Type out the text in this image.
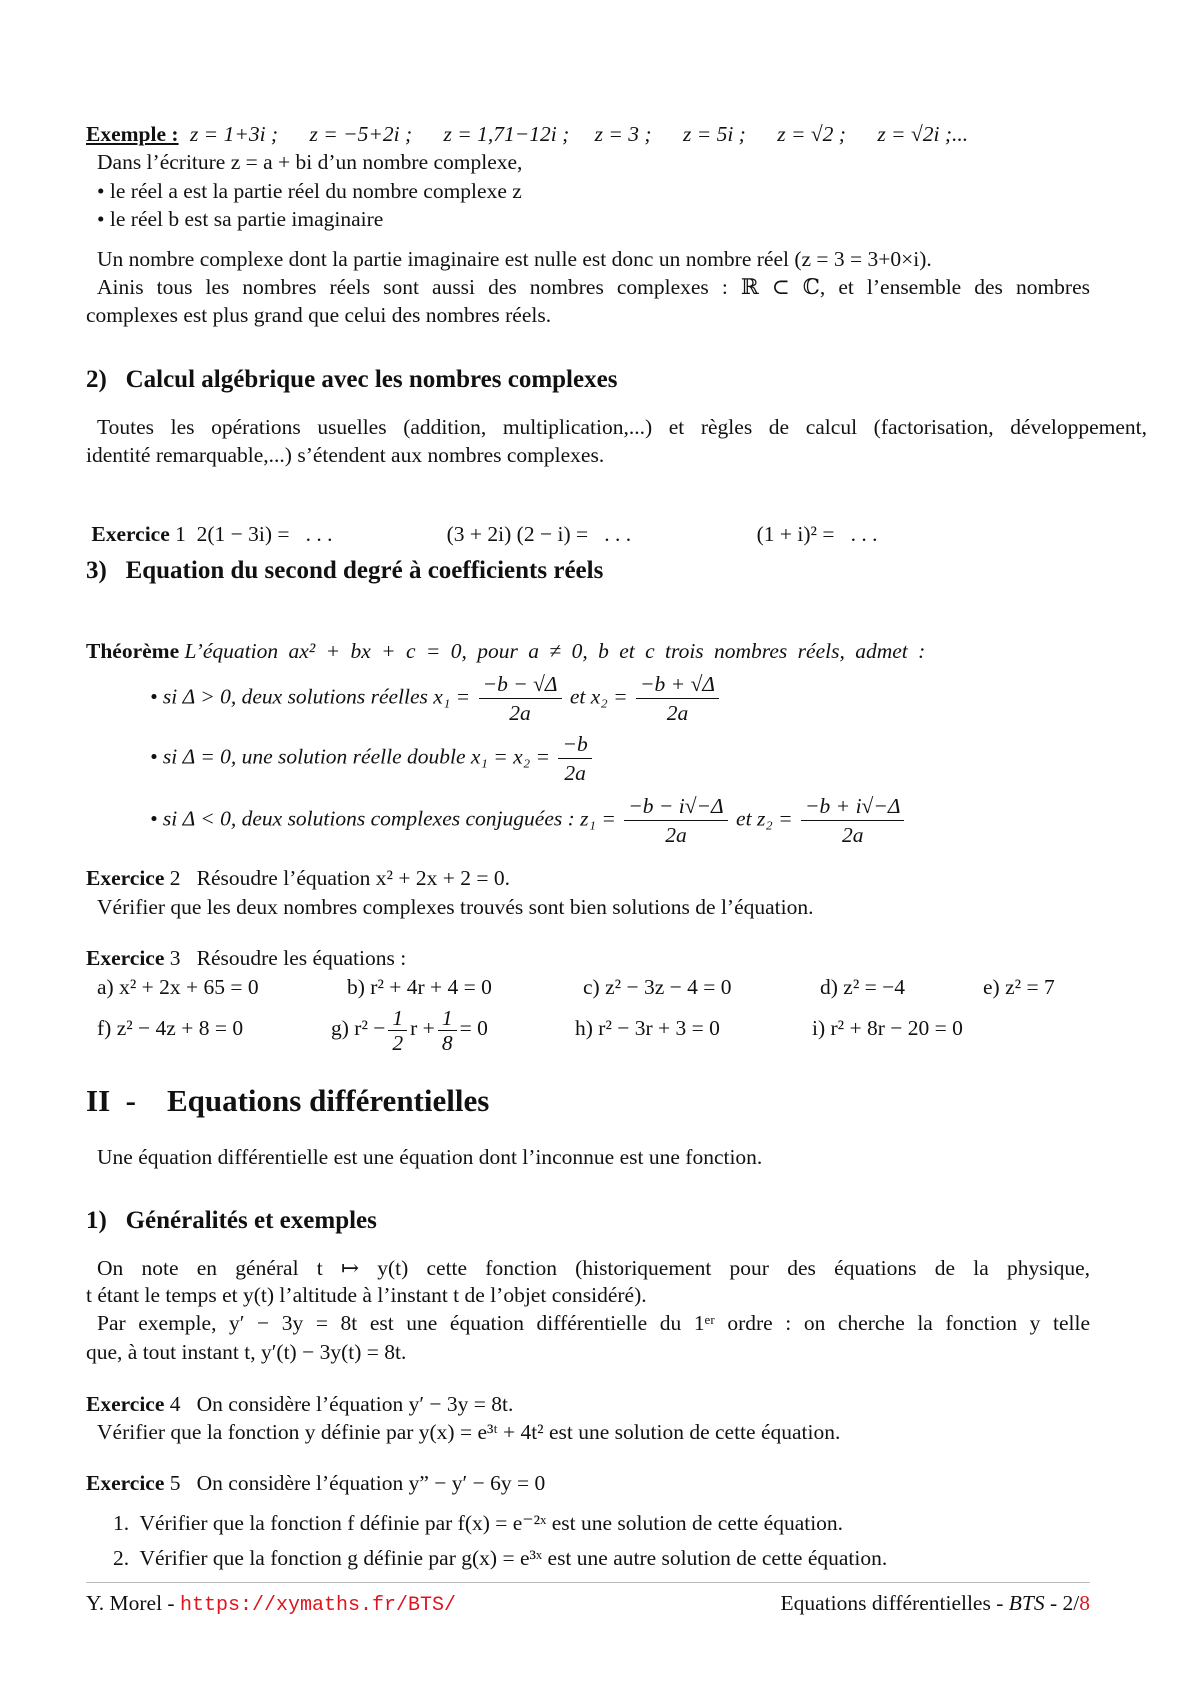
Exemple : z = 1+3i ; z = −5+2i ; z = 1,71−12i ; z = 3 ; z = 5i ; z = √2 ; z = √2i ;...
Dans l’écriture z = a + bi d’un nombre complexe,
• le réel a est la partie réel du nombre complexe z
• le réel b est sa partie imaginaire
Un nombre complexe dont la partie imaginaire est nulle est donc un nombre réel (z = 3 = 3+0×i).
Ainis tous les nombres réels sont aussi des nombres complexes : ℝ ⊂ ℂ, et l’ensemble des nombres
complexes est plus grand que celui des nombres réels.
2)   Calcul algébrique avec les nombres complexes
Toutes les opérations usuelles (addition, multiplication,...) et règles de calcul (factorisation, développement,
identité remarquable,...) s’étendent aux nombres complexes.

Exercice 1 2(1 − 3i) =   . . .	(3 + 2i) (2 − i) =   . . .	(1 + i)² =   . . .

3)   Equation du second degré à coefficients réels
Théorème L’équation ax² + bx + c = 0, pour a ≠ 0, b et c trois nombres réels, admet :
• si Δ > 0, deux solutions réelles $x_1 = \frac{-b - √\Delta}{2a}$ et $x_2 = \frac{-b + √\Delta}{2a}$
• si Δ = 0, une solution réelle double $x_1 = x_2 = \frac{-b}{2a}$
• si Δ < 0, deux solutions complexes conjuguées : $z_1 = \frac{-b - i√-\Delta}{2a}$ et $z_2 = \frac{-b + i√-\Delta}{2a}$
Exercice 2 Résoudre l’équation x² + 2x + 2 = 0.
Vérifier que les deux nombres complexes trouvés sont bien solutions de l’équation.
Exercice 3 Résoudre les équations :
a) x² + 2x + 65 = 0	b) r² + 4r + 4 = 0	c) z² − 3z − 4 = 0	d) z² = −4	e) z² = 7
f) z² − 4z + 8 = 0	g) $r^2 - \frac{1}{2}$ $r + \frac{1}{8} = 0$	h) r² − 3r + 3 = 0	i) r² + 8r − 20 = 0
II  -    Equations différentielles
Une équation différentielle est une équation dont l’inconnue est une fonction.
1)   Généralités et exemples
On note en général t ↦ y(t) cette fonction (historiquement pour des équations de la physique,
t étant le temps et y(t) l’altitude à l’instant t de l’objet considéré).
Par exemple, y′ − 3y = 8t est une équation différentielle du 1ᵉʳ ordre : on cherche la fonction y telle
que, à tout instant t, y′(t) − 3y(t) = 8t.
Exercice 4 On considère l’équation y′ − 3y = 8t.
Vérifier que la fonction y définie par y(x) = e³ᵗ + 4t² est une solution de cette équation.
Exercice 5 On considère l’équation y” − y′ − 6y = 0
1.  Vérifier que la fonction f définie par f(x) = e⁻²ˣ est une solution de cette équation.
2.  Vérifier que la fonction g définie par g(x) = e³ˣ est une autre solution de cette équation.
Y. Morel - https://xymaths.fr/BTS/	Equations différentielles - BTS - 2/8
